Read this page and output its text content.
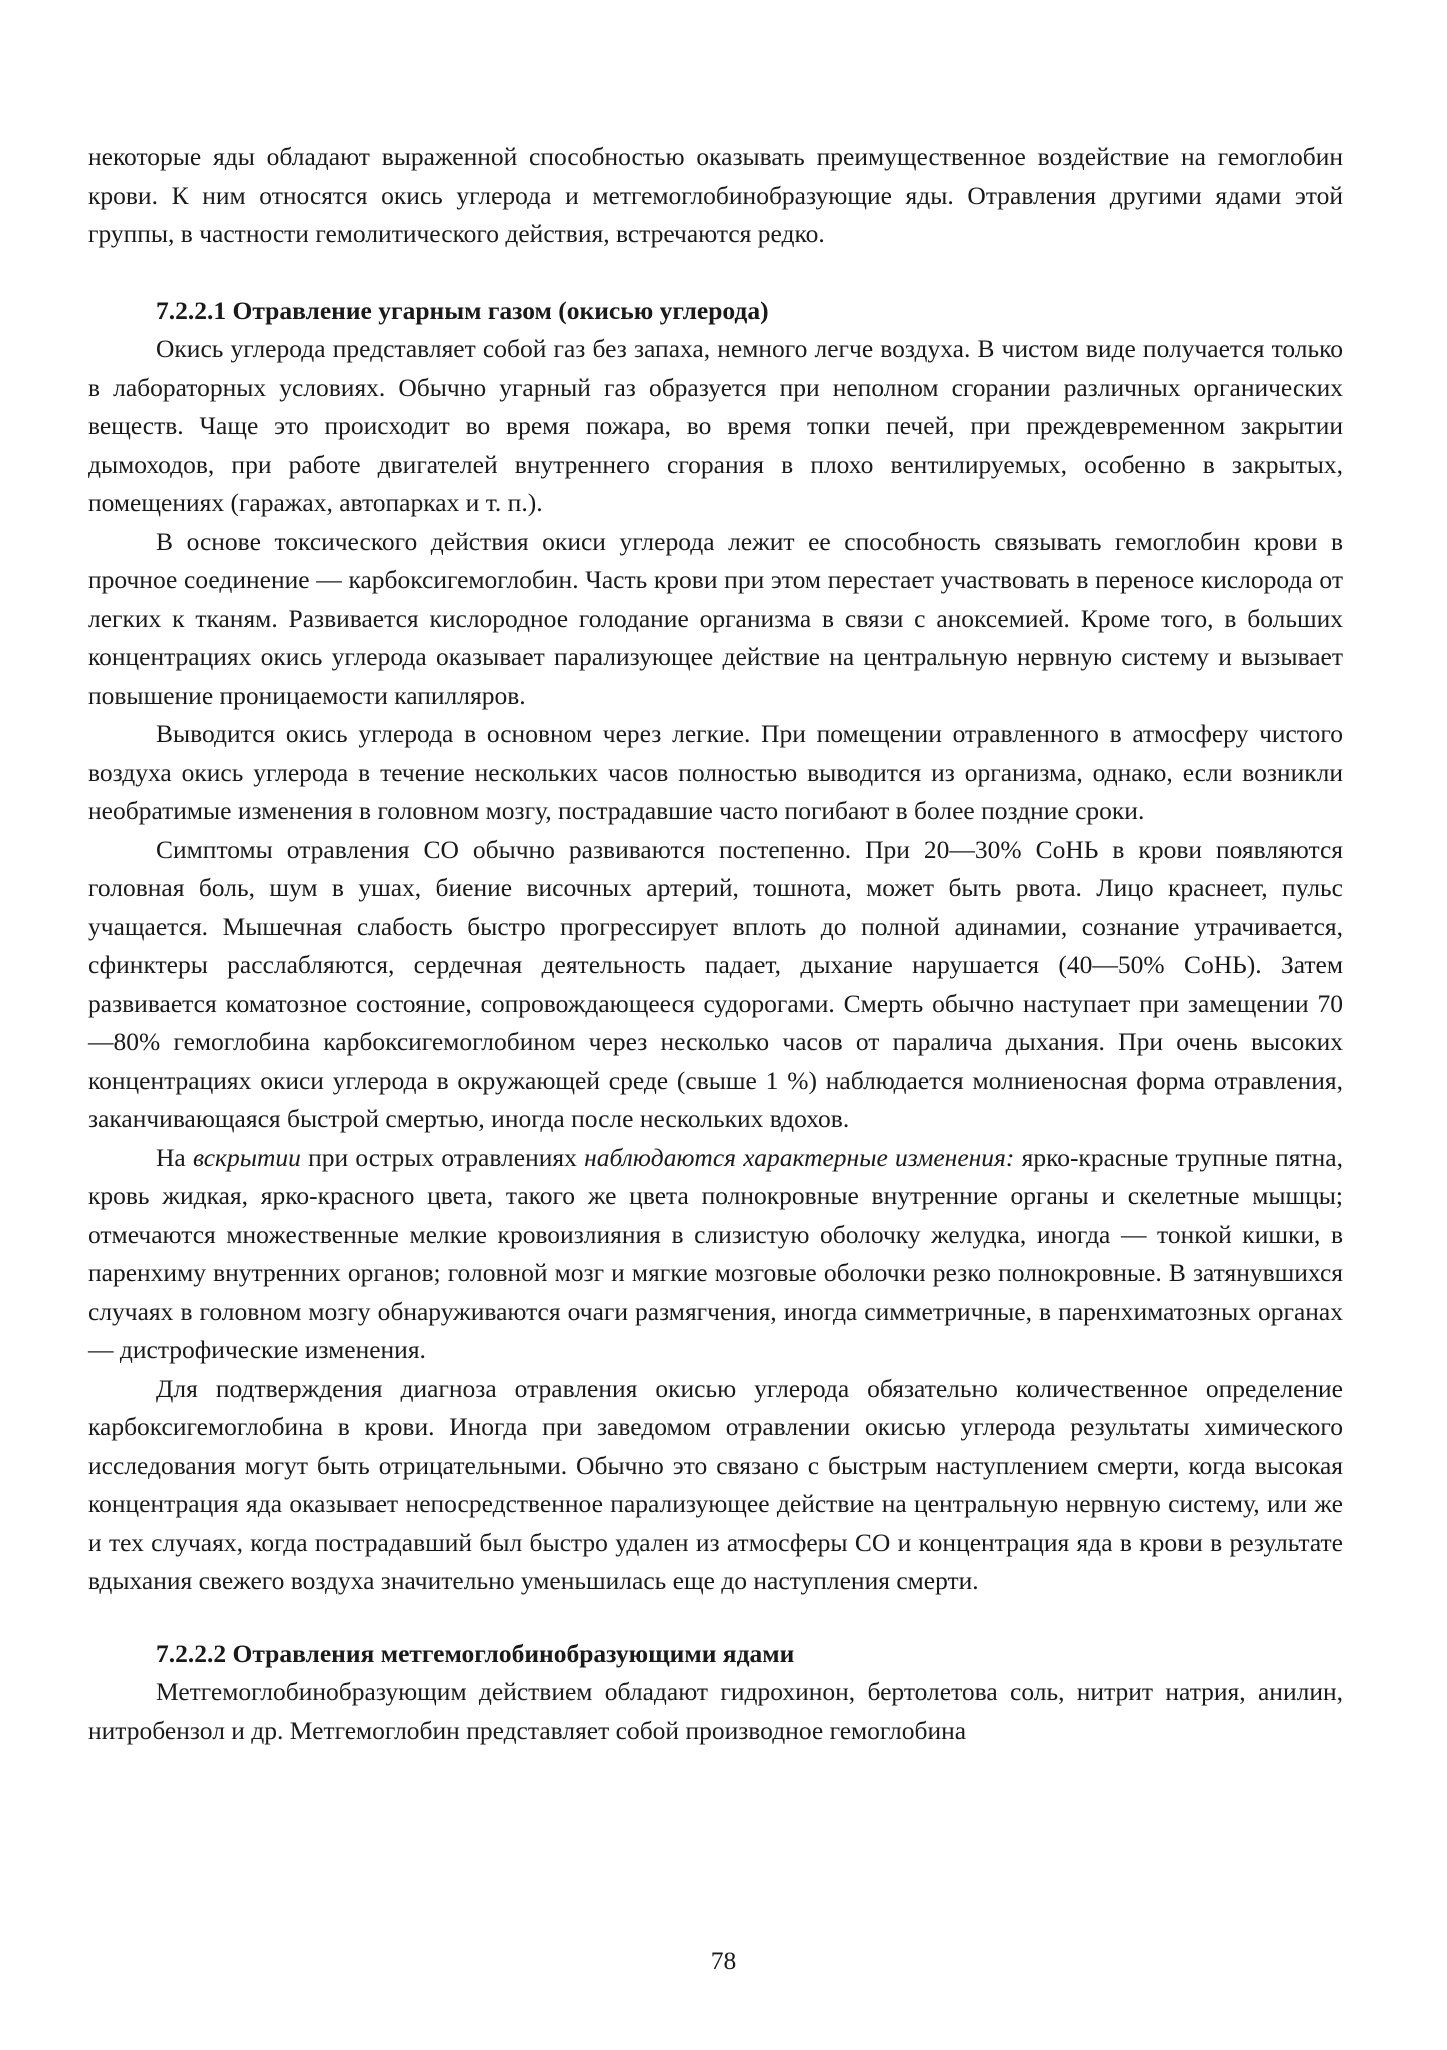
некоторые яды обладают выраженной способностью оказывать преимущественное воздействие на гемоглобин крови. К ним относятся окись углерода и метгемоглобинобразующие яды. Отравления другими ядами этой группы, в частности гемолитического действия, встречаются редко.

7.2.2.1 Отравление угарным газом (окисью углерода)

Окись углерода представляет собой газ без запаха, немного легче воздуха. В чистом виде получается только в лабораторных условиях. Обычно угарный газ образуется при неполном сгорании различных органических веществ. Чаще это происходит во время пожара, во время топки печей, при преждевременном закрытии дымоходов, при работе двигателей внутреннего сгорания в плохо вентилируемых, особенно в закрытых, помещениях (гаражах, автопарках и т. п.).

В основе токсического действия окиси углерода лежит ее способность связывать гемоглобин крови в прочное соединение — карбоксигемоглобин. Часть крови при этом перестает участвовать в переносе кислорода от легких к тканям. Развивается кислородное голодание организма в связи с аноксемией. Кроме того, в больших концентрациях окись углерода оказывает парализующее действие на центральную нервную систему и вызывает повышение проницаемости капилляров.

Выводится окись углерода в основном через легкие. При помещении отравленного в атмосферу чистого воздуха окись углерода в течение нескольких часов полностью выводится из организма, однако, если возникли необратимые изменения в головном мозгу, пострадавшие часто погибают в более поздние сроки.

Симптомы отравления СО обычно развиваются постепенно. При 20—30% СоНЬ в крови появляются головная боль, шум в ушах, биение височных артерий, тошнота, может быть рвота. Лицо краснеет, пульс учащается. Мышечная слабость быстро прогрессирует вплоть до полной адинамии, сознание утрачивается, сфинктеры расслабляются, сердечная деятельность падает, дыхание нарушается (40—50% СоНЬ). Затем развивается коматозное состояние, сопровождающееся судорогами. Смерть обычно наступает при замещении 70—80% гемоглобина карбоксигемоглобином через несколько часов от паралича дыхания. При очень высоких концентрациях окиси углерода в окружающей среде (свыше 1 %) наблюдается молниеносная форма отравления, заканчивающаяся быстрой смертью, иногда после нескольких вдохов.

На вскрытии при острых отравлениях наблюдаются характерные изменения: ярко-красные трупные пятна, кровь жидкая, ярко-красного цвета, такого же цвета полнокровные внутренние органы и скелетные мышцы; отмечаются множественные мелкие кровоизлияния в слизистую оболочку желудка, иногда — тонкой кишки, в паренхиму внутренних органов; головной мозг и мягкие мозговые оболочки резко полнокровные. В затянувшихся случаях в головном мозгу обнаруживаются очаги размягчения, иногда симметричные, в паренхиматозных органах — дистрофические изменения.

Для подтверждения диагноза отравления окисью углерода обязательно количественное определение карбоксигемоглобина в крови. Иногда при заведомом отравлении окисью углерода результаты химического исследования могут быть отрицательными. Обычно это связано с быстрым наступлением смерти, когда высокая концентрация яда оказывает непосредственное парализующее действие на центральную нервную систему, или же и тех случаях, когда пострадавший был быстро удален из атмосферы СО и концентрация яда в крови в результате вдыхания свежего воздуха значительно уменьшилась еще до наступления смерти.

7.2.2.2 Отравления метгемоглобинобразующими ядами

Метгемоглобинобразующим действием обладают гидрохинон, бертолетова соль, нитрит натрия, анилин, нитробензол и др. Метгемоглобин представляет собой производное гемоглобина

78
